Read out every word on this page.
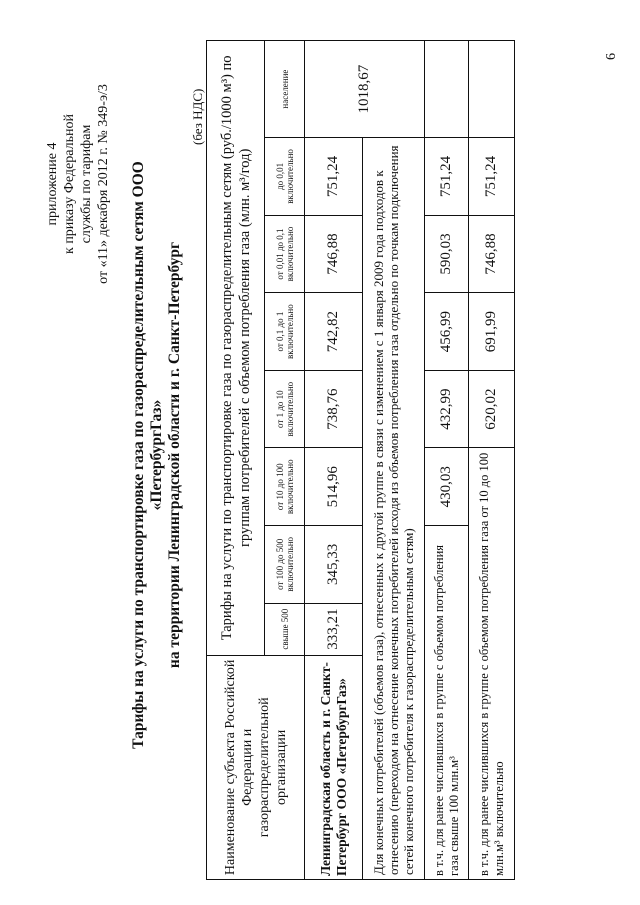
6
приложение 4 к приказу Федеральной службы по тарифам от «11» декабря 2012 г. № 349-э/3 Тарифы на услуги по транспортировке газа по газораспределительным сетям ООО «ПетербургГаз» на территории Ленинградской области и г. Санкт-Петербург
(без НДС)
Наименование субъекта Российской Федерации и газораспределительной организации	Тарифы на услуги по транспортировке газа по газораспределительным сетям (руб./1000 м³) по группам потребителей с объемом потребления газа (млн. м³/год)							
	свыше 500	от 100 до 500 включительно	от 10 до 100 включительно	от 1 до 10 включительно	от 0,1 до 1 включительно	от 0,01 до 0,1 включительно	до 0,01 включительно	население
Ленинградская область и г. Санкт-Петербург ООО «ПетербургГаз»	333,21	345,33	514,96	738,76	742,82	746,88	751,24	1018,67
Для конечных потребителей (объемов газа), отнесенных к другой группе в связи с изменением с 1 января 2009 года подходов к отнесению (переходом на отнесение конечных потребителей исходя из объемов потребления газа отдельно по точкам подключения сетей конечного потребителя к газораспределительным сетям)								
в т.ч. для ранее числившихся в группе с объемом потребления газа свыше 100 млн.м³			430,03	432,99	456,99	590,03	751,24	
в т.ч. для ранее числившихся в группе с объемом потребления газа от 10 до 100 млн.м³ включительно				620,02	691,99	746,88	751,24	
